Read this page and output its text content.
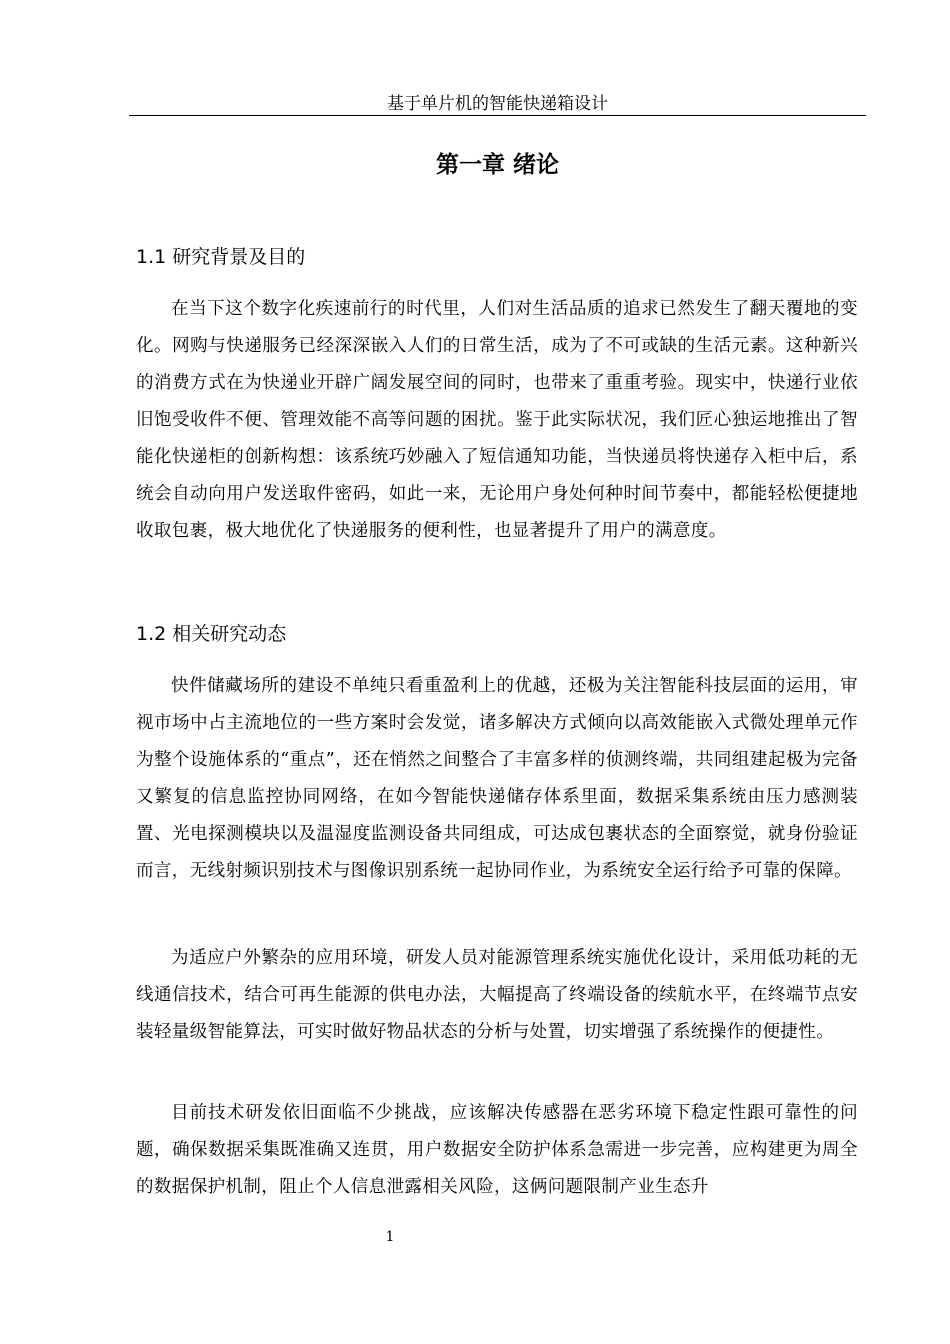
基于单片机的智能快递箱设计
第一章 绪论
1.1 研究背景及目的

在当下这个数字化疾速前行的时代里，人们对生活品质的追求已然发生了翻天覆地的变化。网购与快递服务已经深深嵌入人们的日常生活，成为了不可或缺的生活元素。这种新兴的消费方式在为快递业开辟广阔发展空间的同时，也带来了重重考验。现实中，快递行业依旧饱受收件不便、管理效能不高等问题的困扰。鉴于此实际状况，我们匠心独运地推出了智能化快递柜的创新构想：该系统巧妙融入了短信通知功能，当快递员将快递存入柜中后，系统会自动向用户发送取件密码，如此一来，无论用户身处何种时间节奏中，都能轻松便捷地收取包裹，极大地优化了快递服务的便利性，也显著提升了用户的满意度。

1.2 相关研究动态

快件储藏场所的建设不单纯只看重盈利上的优越，还极为关注智能科技层面的运用，审视市场中占主流地位的一些方案时会发觉，诸多解决方式倾向以高效能嵌入式微处理单元作为整个设施体系的“重点”，还在悄然之间整合了丰富多样的侦测终端，共同组建起极为完备又繁复的信息监控协同网络，在如今智能快递储存体系里面，数据采集系统由压力感测装置、光电探测模块以及温湿度监测设备共同组成，可达成包裹状态的全面察觉，就身份验证而言，无线射频识别技术与图像识别系统一起协同作业，为系统安全运行给予可靠的保障。

为适应户外繁杂的应用环境，研发人员对能源管理系统实施优化设计，采用低功耗的无线通信技术，结合可再生能源的供电办法，大幅提高了终端设备的续航水平，在终端节点安装轻量级智能算法，可实时做好物品状态的分析与处置，切实增强了系统操作的便捷性。

目前技术研发依旧面临不少挑战，应该解决传感器在恶劣环境下稳定性跟可靠性的问题，确保数据采集既准确又连贯，用户数据安全防护体系急需进一步完善，应构建更为周全的数据保护机制，阻止个人信息泄露相关风险，这俩问题限制产业生态升

1
